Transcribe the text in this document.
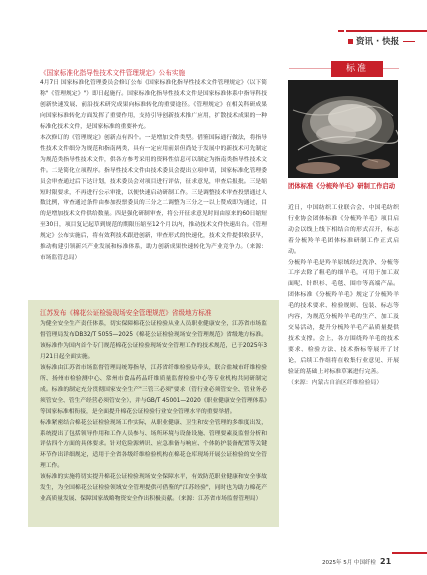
资讯 · 快报
《国家标准化指导性技术文件管理规定》公布实施
4月7日 国家标准化管理委员会修订公布《国家标准化指导性技术文件管理规定》（以下简称"《管理规定》"）即日起施行。国家标准化指导性技术文件是国家标准体系中指导科技创新快速发展、前沿技术研究成果向标准转化的重要途径。《管理规定》在相关科研成果向国家标准转化方面发挥了重要作用，支持引导创新技术推广应用，扩散技术成果的一种标准化技术文件，是国家标准的重要补充。
本次修订的《管理规定》创新点有四个。一是增加文件类型。借鉴国际通行做法，将指导性技术文件细分为规范和指南两类，具有一定应用前景但尚处于发展中的新技术可先制定为规范类指导性技术文件，供各方参考采用的资料性信息可以制定为指南类指导性技术文件。二是简化立项程序。指导性技术文件由技术委员会提出立项申请，国家标准化管理委员会审查通过后下达计划，技术委员会对项目进行评估，征求意见，审查后报批。三是缩短时限要求，不再进行公示审批，以便快速启动研制工作。三是调整技术审查投票通过人数比例，审查通过条件由参加投票委员的三分之二调整为三分之一以上赞成即为通过，目的是增加技术文件供给数量。四是强化研制审查，将公开征求意见时间由原来的60日缩短至30日，项目复记起草到规范的期限压缩至12个月以内，推动技术文件快速出台。《管理规定》公布实施后，将有效利技术跟进创新，审查形式的快速化，技术文件提供收获早，推动构建引领新兴产业发展和标准体系，助力创新成果快速转化为产业竞争力。（来源：市场监管总局）
江苏发布《棉花公证检验现场安全管理规范》省级地方标准
为健全安全生产责任体系，切实保障棉花公证检验从业人员职业健康安全，江苏省市场监督管理局发布DB32/T 5055—2025《棉花公证检验现场安全管理规范》省级地方标准。该标准作为国内首个专门规范棉花公证检验现场安全管理工作的技术规范，已于2025年3月21日起全面实施。
该标准由江苏省市场监督管理局统筹指导，江苏省纤维检验局牵头，联合盐城市纤维检验所、扬州市检验测中心、常州市食品药品纤维质量监督检验中心等专业机构共同研制完成。标准的制定充分贯彻国家安全生产"三管三必须"要求（管行业必须管安全、管业务必须管安全、管生产经营必须管安全），并与GB/T 45001—2020《职业健康安全管理体系》等国家标准相衔接，是全面提升棉花公证检验行业安全管理水平的重要举措。
标准紧密结合棉花公证检验现场工作实际，从职业健康、卫生和安全管理的多维度出发，系统提出了包括领导作用和工作人员参与、场所环境与设备设施、管理要素及监督分析和评估四个方面的具体要求。针对危险源辨识、应急准备与响应、个体防护装备配置等关键环节作出详细规定，适用于全省各级纤维检验机构在棉花仓库现场开展公证检验的安全管理工作。
该标准的实施将切实提升棉花公证检验现场安全保障水平，有效防范职业健康和安全事故发生，为全国棉花公证检验领域安全管理提供可借鉴的"江苏经验"，同时也为助力棉花产业高质量发展、保障国家战略物资安全作出积极贡献。（来源：江苏省市场监督管理局）
标准
团体标准《分梳羚羊毛》研制工作启动
近日，中国纺织工业联合会、中国毛纺织行业协会团体标准《分梳羚羊毛》项目启动会以线上线下相结合的形式召开，标志着分梳羚羊毛团体标准研制工作正式启动。
分梳羚羊毛是羚羊原绒经过洗净、分梳等工序去除了粗毛的细羊毛，可用于加工双面呢、针织衫、毛毯、围巾等高端产品。团体标准《分梳羚羊毛》规定了分梳羚羊毛的技术要求、检验规则、包装、标志等内容，为规范分梳羚羊毛的生产、加工及交易活动，提升分梳羚羊毛产品质量提供技术支撑。会上，各方围绕羚羊毛的技术要求、检验方法、技术指标等展开了讨论，后续工作组将在收集行业意见、开展验证的基础上对标准草案进行完善。
（来源：内蒙古自治区纤维检验局）
2025年 5月 中国纤检 21
